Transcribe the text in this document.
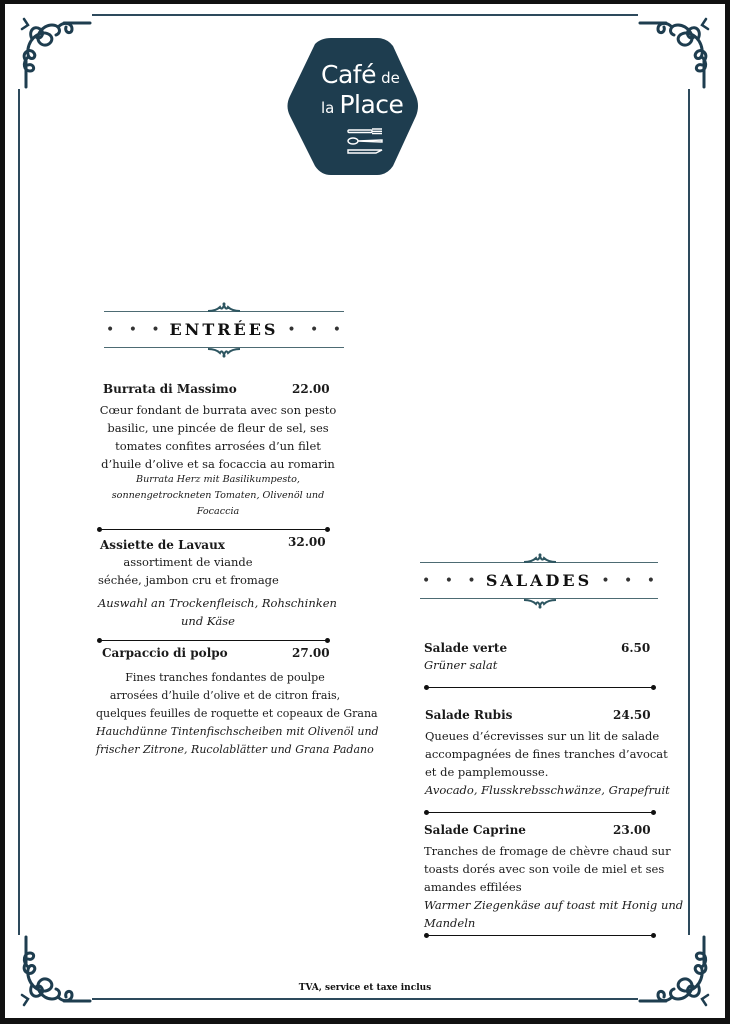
Café de
la Place
• • • ENTRÉES • • •
Burrata di Massimo	22.00
Cœur fondant de burrata avec son pesto
basilic, une pincée de fleur de sel, ses
tomates confites arrosées d’un filet
d’huile d’olive et sa focaccia au romarin
Burrata Herz mit Basilikumpesto,
sonnengetrockneten Tomaten, Olivenöl und
Focaccia
Assiette de Lavaux	32.00
assortiment de viande
séchée, jambon cru et fromage
Auswahl an Trockenfleisch, Rohschinken
und Käse
Carpaccio di polpo	27.00
Fines tranches fondantes de poulpe
arrosées d’huile d’olive et de citron frais,
quelques feuilles de roquette et copeaux de Grana
Hauchdünne Tintenfischscheiben mit Olivenöl und
frischer Zitrone, Rucolablätter und Grana Padano
• • • SALADES • • •
Salade verte	6.50
Grüner salat
Salade Rubis	24.50
Queues d’écrevisses sur un lit de salade
accompagnées de fines tranches d’avocat
et de pamplemousse.
Avocado, Flusskrebsschwänze, Grapefruit
Salade Caprine	23.00
Tranches de fromage de chèvre chaud sur
toasts dorés avec son voile de miel et ses
amandes effilées
Warmer Ziegenkäse auf toast mit Honig und
Mandeln
TVA, service et taxe inclus
